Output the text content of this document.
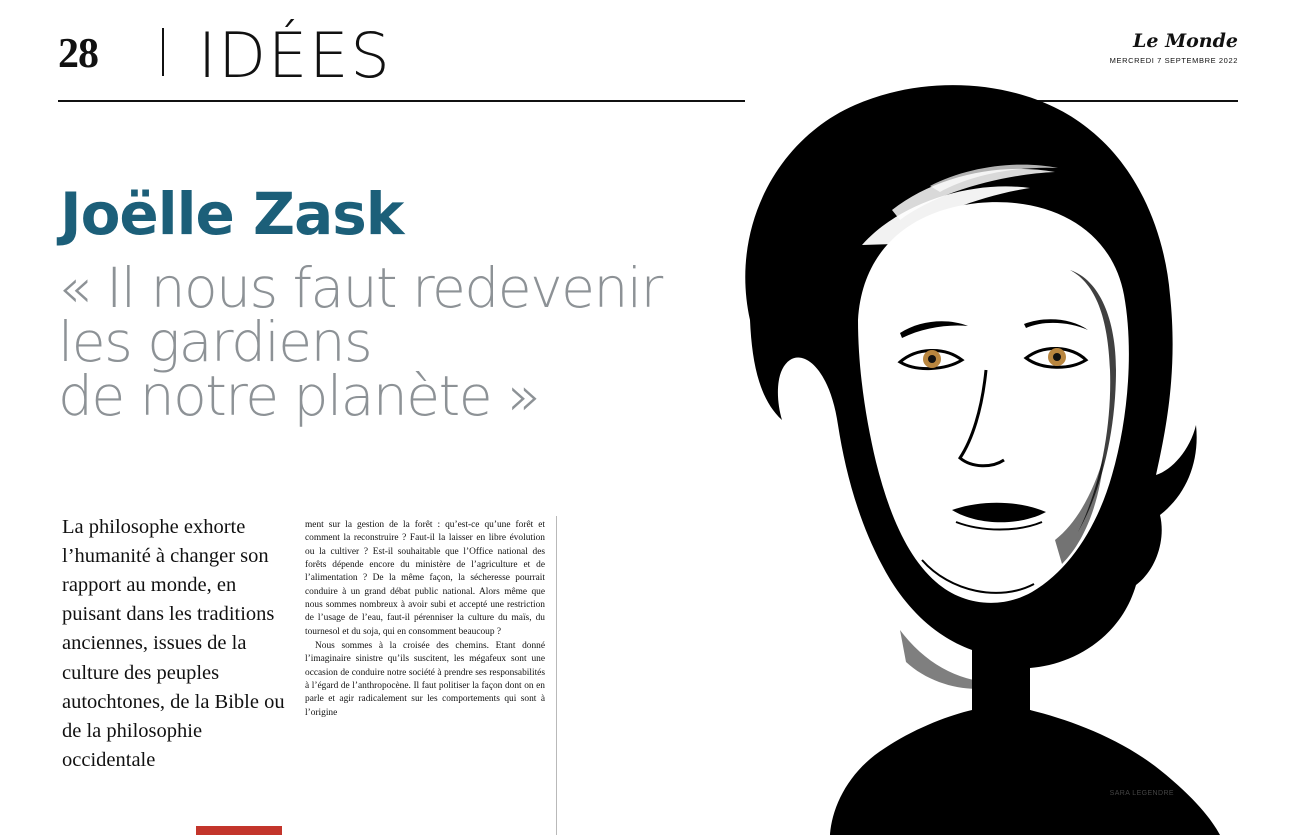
28 IDÉES	Le Monde
MERCREDI 7 SEPTEMBRE 2022
Joëlle Zask
« Il nous faut redevenir
les gardiens
de notre planète »
La philosophe exhorte l’humanité à changer son rapport au monde, en puisant dans les traditions anciennes, issues de la culture des peuples autochtones, de la Bible ou de la philosophie occidentale

ment sur la gestion de la forêt : qu’est-ce qu’une forêt et comment la reconstruire ? Faut-il la laisser en libre évolution ou la cultiver ? Est-il souhaitable que l’Office national des forêts dépende encore du ministère de l’agriculture et de l’alimentation ? De la même façon, la sécheresse pourrait conduire à un grand débat public national. Alors même que nous sommes nombreux à avoir subi et accepté une restriction de l’usage de l’eau, faut-il pérenniser la culture du maïs, du tournesol et du soja, qui en consomment beaucoup ?

Nous sommes à la croisée des chemins. Etant donné l’imaginaire sinistre qu’ils suscitent, les mégafeux sont une occasion de conduire notre société à prendre ses responsabilités à l’égard de l’anthropocène. Il faut politiser la façon dont on en parle et agir radicalement sur les comportements qui sont à l’origine

SARA LEGENDRE
